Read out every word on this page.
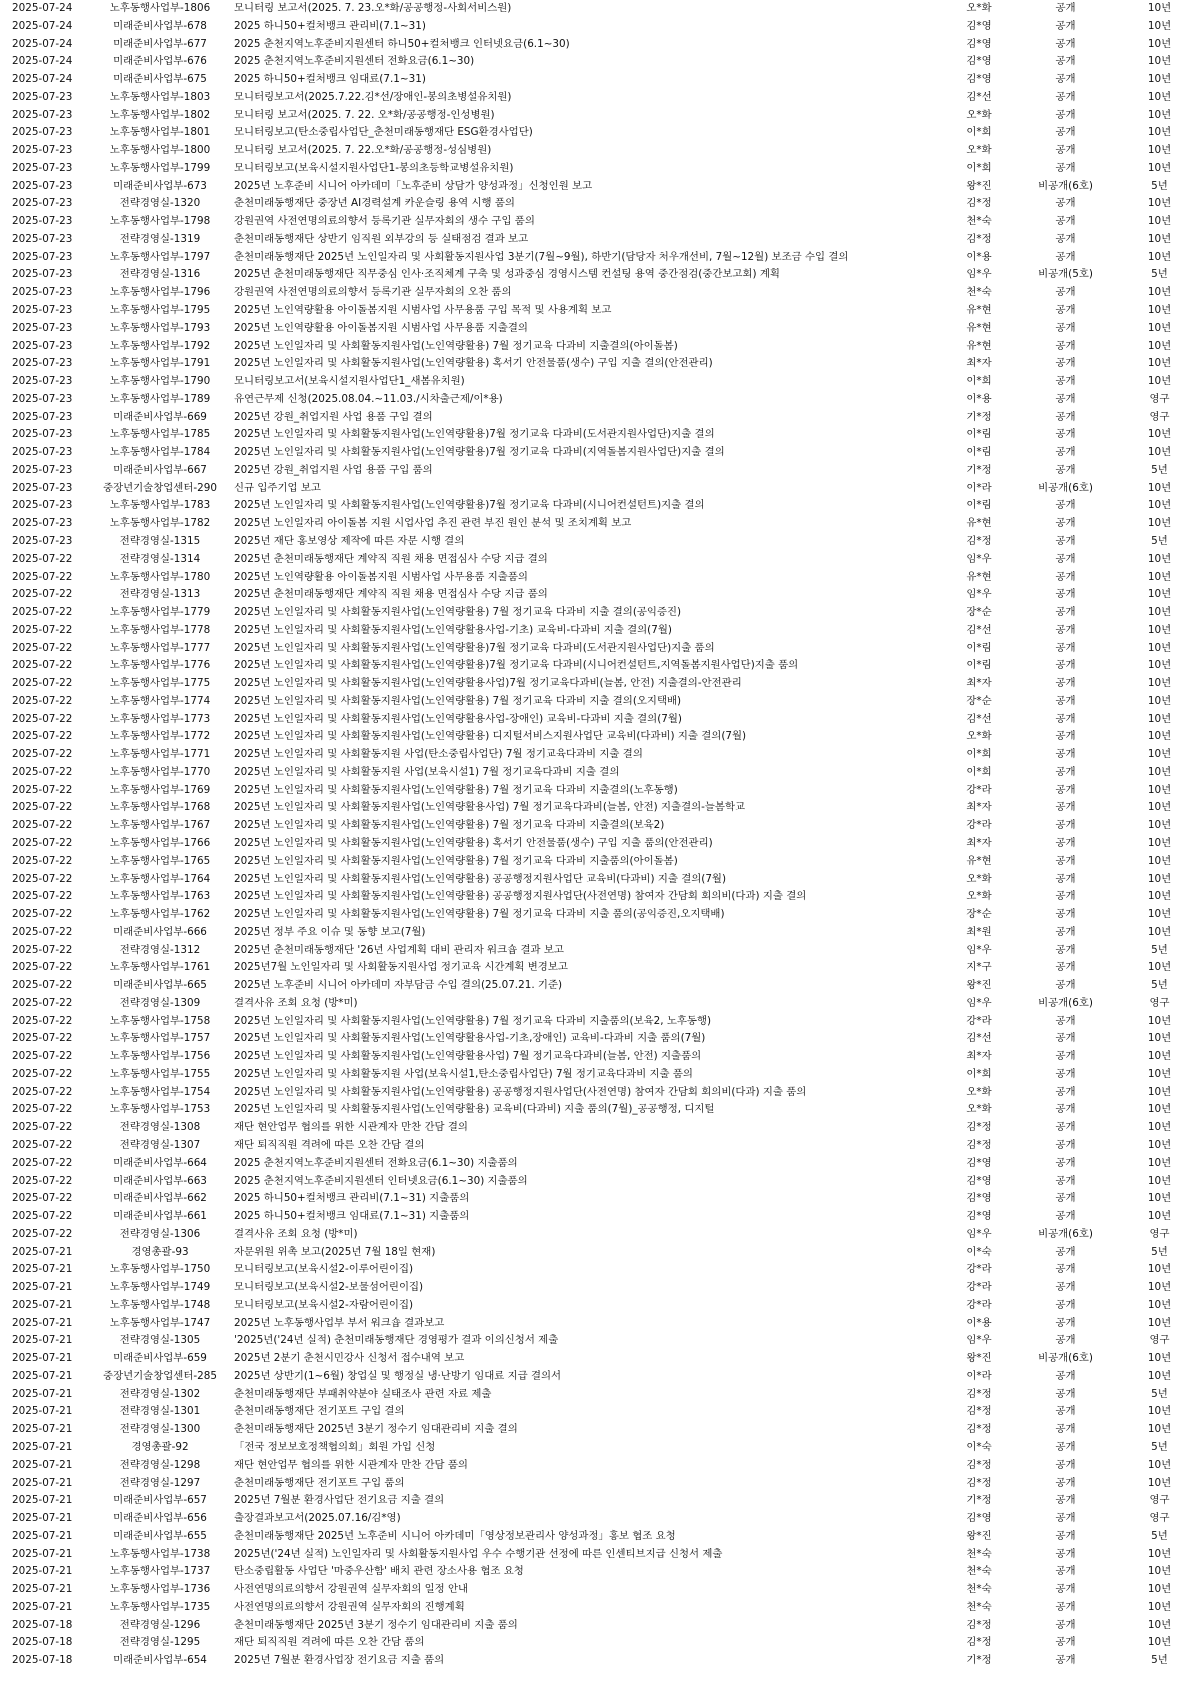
2025-07-24	노후동행사업부-1806	모니터링 보고서(2025. 7. 23.오*화/공공행정-사회서비스원)	오*화	공개	10년
2025-07-24	미래준비사업부-678	2025 하니50+컬처뱅크 관리비(7.1~31)	김*영	공개	10년
2025-07-24	미래준비사업부-677	2025 춘천지역노후준비지원센터 하니50+컬처뱅크 인터넷요금(6.1~30)	김*영	공개	10년
2025-07-24	미래준비사업부-676	2025 춘천지역노후준비지원센터 전화요금(6.1~30)	김*영	공개	10년
2025-07-24	미래준비사업부-675	2025 하니50+컬처뱅크 임대료(7.1~31)	김*영	공개	10년
2025-07-23	노후동행사업부-1803	모니터링보고서(2025.7.22.김*선/장애인-봉의초병설유치원)	김*선	공개	10년
2025-07-23	노후동행사업부-1802	모니터링 보고서(2025. 7. 22. 오*화/공공행정-인성병원)	오*화	공개	10년
2025-07-23	노후동행사업부-1801	모니터링보고(탄소중립사업단_춘천미래동행재단 ESG환경사업단)	이*희	공개	10년
2025-07-23	노후동행사업부-1800	모니터링 보고서(2025. 7. 22.오*화/공공행정-성심병원)	오*화	공개	10년
2025-07-23	노후동행사업부-1799	모니터링보고(보육시설지원사업단1-봉의초등학교병설유치원)	이*희	공개	10년
2025-07-23	미래준비사업부-673	2025년 노후준비 시니어 아카데미「노후준비 상담가 양성과정」신청인원 보고	왕*진	비공개(6호)	5년
2025-07-23	전략경영실-1320	춘천미래동행재단 중장년 AI경력설계 카운슬링 용역 시행 품의	김*정	공개	10년
2025-07-23	노후동행사업부-1798	강원권역 사전연명의료의향서 등록기관 실무자회의 생수 구입 품의	천*숙	공개	10년
2025-07-23	전략경영실-1319	춘천미래동행재단 상반기 임직원 외부강의 등 실태점검 결과 보고	김*정	공개	10년
2025-07-23	노후동행사업부-1797	춘천미래동행재단 2025년 노인일자리 및 사회활동지원사업 3분기(7월~9월), 하반기(담당자 처우개선비, 7월~12월) 보조금 수입 결의	이*용	공개	10년
2025-07-23	전략경영실-1316	2025년 춘천미래동행재단 직무중심 인사·조직체계 구축 및 성과중심 경영시스템 컨설팅 용역 중간점검(중간보고회) 계획	임*우	비공개(5호)	5년
2025-07-23	노후동행사업부-1796	강원권역 사전연명의료의향서 등록기관 실무자회의 오찬 품의	천*숙	공개	10년
2025-07-23	노후동행사업부-1795	2025년 노인역량활용 아이돌봄지원 시범사업 사무용품 구입 목적 및 사용계획 보고	유*현	공개	10년
2025-07-23	노후동행사업부-1793	2025년 노인역량활용 아이돌봄지원 시범사업 사무용품 지출결의	유*현	공개	10년
2025-07-23	노후동행사업부-1792	2025년 노인일자리 및 사회활동지원사업(노인역량활용) 7월 정기교육 다과비 지출결의(아이돌봄)	유*현	공개	10년
2025-07-23	노후동행사업부-1791	2025년 노인일자리 및 사회활동지원사업(노인역량활용) 혹서기 안전물품(생수) 구입 지출 결의(안전관리)	최*자	공개	10년
2025-07-23	노후동행사업부-1790	모니터링보고서(보육시설지원사업단1_새봄유치원)	이*희	공개	10년
2025-07-23	노후동행사업부-1789	유연근무제 신청(2025.08.04.~11.03./시차출근제/이*용)	이*용	공개	영구
2025-07-23	미래준비사업부-669	2025년 강원_취업지원 사업 용품 구입 결의	기*정	공개	영구
2025-07-23	노후동행사업부-1785	2025년 노인일자리 및 사회활동지원사업(노인역량활용)7월 정기교육 다과비(도서관지원사업단)지출 결의	이*림	공개	10년
2025-07-23	노후동행사업부-1784	2025년 노인일자리 및 사회활동지원사업(노인역량활용)7월 정기교육 다과비(지역돌봄지원사업단)지출 결의	이*림	공개	10년
2025-07-23	미래준비사업부-667	2025년 강원_취업지원 사업 용품 구입 품의	기*정	공개	5년
2025-07-23	중장년기술창업센터-290	신규 입주기업 보고	이*라	비공개(6호)	10년
2025-07-23	노후동행사업부-1783	2025년 노인일자리 및 사회활동지원사업(노인역량활용)7월 정기교육 다과비(시니어컨설턴트)지출 결의	이*림	공개	10년
2025-07-23	노후동행사업부-1782	2025년 노인일자리 아이돌봄 지원 시업사업 추진 관련 부진 원인 분석 및 조치계획 보고	유*현	공개	10년
2025-07-23	전략경영실-1315	2025년 재단 홍보영상 제작에 따른 자문 시행 결의	김*정	공개	5년
2025-07-22	전략경영실-1314	2025년 춘천미래동행재단 계약직 직원 채용 면접심사 수당 지급 결의	임*우	공개	10년
2025-07-22	노후동행사업부-1780	2025년 노인역량활용 아이돌봄지원 시범사업 사무용품 지출품의	유*현	공개	10년
2025-07-22	전략경영실-1313	2025년 춘천미래동행재단 계약직 직원 채용 면접심사 수당 지급 품의	임*우	공개	10년
2025-07-22	노후동행사업부-1779	2025년 노인일자리 및 사회활동지원사업(노인역량활용) 7월 정기교육 다과비 지출 결의(공익증진)	장*순	공개	10년
2025-07-22	노후동행사업부-1778	2025년 노인일자리 및 사회활동지원사업(노인역량활용사업-기초) 교육비-다과비 지출 결의(7월)	김*선	공개	10년
2025-07-22	노후동행사업부-1777	2025년 노인일자리 및 사회활동지원사업(노인역량활용)7월 정기교육 다과비(도서관지원사업단)지출 품의	이*림	공개	10년
2025-07-22	노후동행사업부-1776	2025년 노인일자리 및 사회활동지원사업(노인역량활용)7월 정기교육 다과비(시니어컨설턴트,지역돌봄지원사업단)지출 품의	이*림	공개	10년
2025-07-22	노후동행사업부-1775	2025년 노인일자리 및 사회활동지원사업(노인역량활용사업)7월 정기교육다과비(늘봄, 안전) 지출결의-안전관리	최*자	공개	10년
2025-07-22	노후동행사업부-1774	2025년 노인일자리 및 사회활동지원사업(노인역량활용) 7월 정기교육 다과비 지출 결의(오지택배)	장*순	공개	10년
2025-07-22	노후동행사업부-1773	2025년 노인일자리 및 사회활동지원사업(노인역량활용사업-장애인) 교육비-다과비 지출 결의(7월)	김*선	공개	10년
2025-07-22	노후동행사업부-1772	2025년 노인일자리 및 사회활동지원사업(노인역량활용) 디지털서비스지원사업단 교육비(다과비) 지출 결의(7월)	오*화	공개	10년
2025-07-22	노후동행사업부-1771	2025년 노인일자리 및 사회활동지원 사업(탄소중립사업단) 7월 정기교육다과비 지출 결의	이*희	공개	10년
2025-07-22	노후동행사업부-1770	2025년 노인일자리 및 사회활동지원 사업(보육시설1) 7월 정기교육다과비 지출 결의	이*희	공개	10년
2025-07-22	노후동행사업부-1769	2025년 노인일자리 및 사회활동지원사업(노인역량활용) 7월 정기교육 다과비 지출결의(노후동행)	강*라	공개	10년
2025-07-22	노후동행사업부-1768	2025년 노인일자리 및 사회활동지원사업(노인역량활용사업) 7월 정기교육다과비(늘봄, 안전) 지출결의-늘봄학교	최*자	공개	10년
2025-07-22	노후동행사업부-1767	2025년 노인일자리 및 사회활동지원사업(노인역량활용) 7월 정기교육 다과비 지출결의(보육2)	강*라	공개	10년
2025-07-22	노후동행사업부-1766	2025년 노인일자리 및 사회활동지원사업(노인역량활용) 혹서기 안전물품(생수) 구입 지출 품의(안전관리)	최*자	공개	10년
2025-07-22	노후동행사업부-1765	2025년 노인일자리 및 사회활동지원사업(노인역량활용) 7월 정기교육 다과비 지출품의(아이돌봄)	유*현	공개	10년
2025-07-22	노후동행사업부-1764	2025년 노인일자리 및 사회활동지원사업(노인역량활용) 공공행정지원사업단 교육비(다과비) 지출 결의(7월)	오*화	공개	10년
2025-07-22	노후동행사업부-1763	2025년 노인일자리 및 사회활동지원사업(노인역량활용) 공공행정지원사업단(사전연명) 참여자 간담회 회의비(다과) 지출 결의	오*화	공개	10년
2025-07-22	노후동행사업부-1762	2025년 노인일자리 및 사회활동지원사업(노인역량활용) 7월 정기교육 다과비 지출 품의(공익증진,오지택배)	장*순	공개	10년
2025-07-22	미래준비사업부-666	2025년 정부 주요 이슈 및 동향 보고(7월)	최*원	공개	10년
2025-07-22	전략경영실-1312	2025년 춘천미래동행재단 '26년 사업계획 대비 관리자 워크숍 결과 보고	임*우	공개	5년
2025-07-22	노후동행사업부-1761	2025년7월 노인일자리 및 사회활동지원사업 정기교육 시간계획 변경보고	지*구	공개	10년
2025-07-22	미래준비사업부-665	2025년 노후준비 시니어 아카데미 자부담금 수입 결의(25.07.21. 기준)	왕*진	공개	5년
2025-07-22	전략경영실-1309	결격사유 조회 요청 (방*미)	임*우	비공개(6호)	영구
2025-07-22	노후동행사업부-1758	2025년 노인일자리 및 사회활동지원사업(노인역량활용) 7월 정기교육 다과비 지출품의(보육2, 노후동행)	강*라	공개	10년
2025-07-22	노후동행사업부-1757	2025년 노인일자리 및 사회활동지원사업(노인역량활용사업-기초,장애인) 교육비-다과비 지출 품의(7월)	김*선	공개	10년
2025-07-22	노후동행사업부-1756	2025년 노인일자리 및 사회활동지원사업(노인역량활용사업) 7월 정기교육다과비(늘봄, 안전) 지출품의	최*자	공개	10년
2025-07-22	노후동행사업부-1755	2025년 노인일자리 및 사회활동지원 사업(보육시설1,탄소중립사업단) 7월 정기교육다과비 지출 품의	이*희	공개	10년
2025-07-22	노후동행사업부-1754	2025년 노인일자리 및 사회활동지원사업(노인역량활용) 공공행정지원사업단(사전연명) 참여자 간담회 회의비(다과) 지출 품의	오*화	공개	10년
2025-07-22	노후동행사업부-1753	2025년 노인일자리 및 사회활동지원사업(노인역량활용) 교육비(다과비) 지출 품의(7월)_공공행정, 디지털	오*화	공개	10년
2025-07-22	전략경영실-1308	재단 현안업무 협의를 위한 시관계자 만찬 간담 결의	김*정	공개	10년
2025-07-22	전략경영실-1307	재단 퇴직직원 격려에 따른 오찬 간담 결의	김*정	공개	10년
2025-07-22	미래준비사업부-664	2025 춘천지역노후준비지원센터 전화요금(6.1~30) 지출품의	김*영	공개	10년
2025-07-22	미래준비사업부-663	2025 춘천지역노후준비지원센터 인터넷요금(6.1~30) 지출품의	김*영	공개	10년
2025-07-22	미래준비사업부-662	2025 하니50+컬처뱅크 관리비(7.1~31) 지출품의	김*영	공개	10년
2025-07-22	미래준비사업부-661	2025 하니50+컬처뱅크 임대료(7.1~31) 지출품의	김*영	공개	10년
2025-07-22	전략경영실-1306	결격사유 조회 요청 (방*미)	임*우	비공개(6호)	영구
2025-07-21	경영총괄-93	자문위원 위촉 보고(2025년 7월 18일 현재)	이*숙	공개	5년
2025-07-21	노후동행사업부-1750	모니터링보고(보육시설2-이루어린이집)	강*라	공개	10년
2025-07-21	노후동행사업부-1749	모니터링보고(보육시설2-보물섬어린이집)	강*라	공개	10년
2025-07-21	노후동행사업부-1748	모니터링보고(보육시설2-자람어린이집)	강*라	공개	10년
2025-07-21	노후동행사업부-1747	2025년 노후동행사업부 부서 워크숍 결과보고	이*용	공개	10년
2025-07-21	전략경영실-1305	'2025년('24년 실적) 춘천미래동행재단 경영평가 결과 이의신청서 제출	임*우	공개	영구
2025-07-21	미래준비사업부-659	2025년 2분기 춘천시민강사 신청서 접수내역 보고	왕*진	비공개(6호)	10년
2025-07-21	중장년기술창업센터-285	2025년 상반기(1~6월) 창업실 및 행정실 냉·난방기 임대료 지급 결의서	이*라	공개	10년
2025-07-21	전략경영실-1302	춘천미래동행재단 부패취약분야 실태조사 관련 자료 제출	김*정	공개	5년
2025-07-21	전략경영실-1301	춘천미래동행재단 전기포트 구입 결의	김*정	공개	10년
2025-07-21	전략경영실-1300	춘천미래동행재단 2025년 3분기 정수기 임대관리비 지출 결의	김*정	공개	10년
2025-07-21	경영총괄-92	「전국 정보보호정책협의회」회원 가입 신청	이*숙	공개	5년
2025-07-21	전략경영실-1298	재단 현안업무 협의를 위한 시관계자 만찬 간담 품의	김*정	공개	10년
2025-07-21	전략경영실-1297	춘천미래동행재단 전기포트 구입 품의	김*정	공개	10년
2025-07-21	미래준비사업부-657	2025년 7월분 환경사업단 전기요금 지출 결의	기*정	공개	영구
2025-07-21	미래준비사업부-656	출장결과보고서(2025.07.16/김*영)	김*영	공개	영구
2025-07-21	미래준비사업부-655	춘천미래동행재단 2025년 노후준비 시니어 아카데미「영상정보관리사 양성과정」홍보 협조 요청	왕*진	공개	5년
2025-07-21	노후동행사업부-1738	2025년('24년 실적) 노인일자리 및 사회활동지원사업 우수 수행기관 선정에 따른 인센티브지급 신청서 제출	천*숙	공개	10년
2025-07-21	노후동행사업부-1737	탄소중립활동 사업단 '마중우산함' 배치 관련 장소사용 협조 요청	천*숙	공개	10년
2025-07-21	노후동행사업부-1736	사전연명의료의향서 강원권역 실무자회의 일정 안내	천*숙	공개	10년
2025-07-21	노후동행사업부-1735	사전연명의료의향서 강원권역 실무자회의 진행계획	천*숙	공개	10년
2025-07-18	전략경영실-1296	춘천미래동행재단 2025년 3분기 정수기 임대관리비 지출 품의	김*정	공개	10년
2025-07-18	전략경영실-1295	재단 퇴직직원 격려에 따른 오찬 간담 품의	김*정	공개	10년
2025-07-18	미래준비사업부-654	2025년 7월분 환경사업장 전기요금 지출 품의	기*정	공개	5년
